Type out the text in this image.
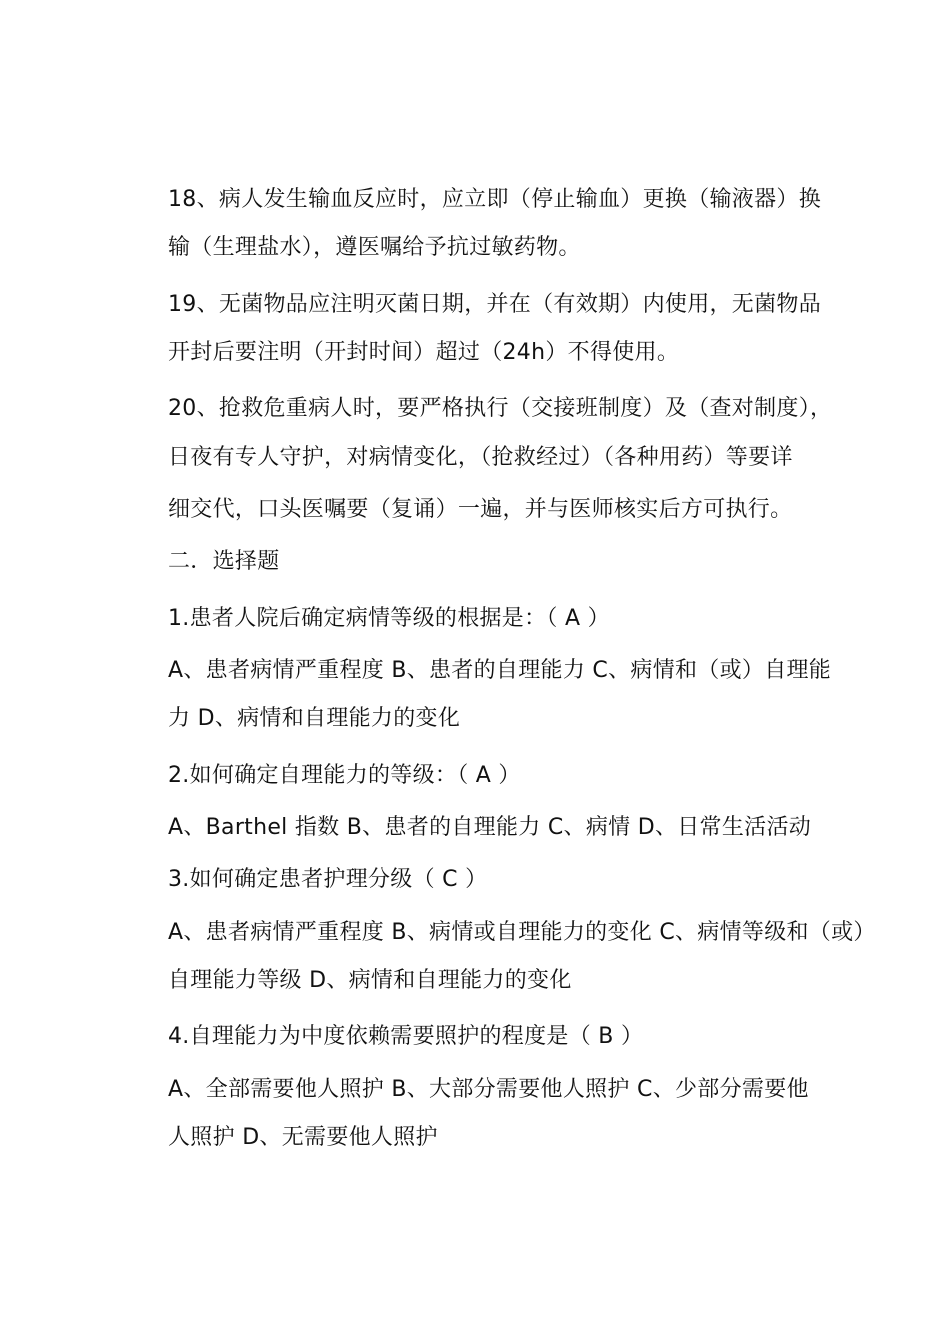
18、病人发生输血反应时，应立即（停止输血）更换（输液器）换
输（生理盐水），遵医嘱给予抗过敏药物。
19、无菌物品应注明灭菌日期，并在（有效期）内使用，无菌物品
开封后要注明（开封时间）超过（24h）不得使用。
20、抢救危重病人时，要严格执行（交接班制度）及（查对制度），
日夜有专人守护，对病情变化，（抢救经过）（各种用药）等要详
细交代，口头医嘱要（复诵）一遍，并与医师核实后方可执行。
二．选择题
1.患者人院后确定病情等级的根据是：（ A ）
A、患者病情严重程度 B、患者的自理能力 C、病情和（或）自理能
力 D、病情和自理能力的变化
2.如何确定自理能力的等级：（ A ）
A、Barthel 指数 B、患者的自理能力 C、病情 D、日常生活活动
3.如何确定患者护理分级（ C ）
A、患者病情严重程度 B、病情或自理能力的变化 C、病情等级和（或）
自理能力等级 D、病情和自理能力的变化
4.自理能力为中度依赖需要照护的程度是（ B ）
A、全部需要他人照护 B、大部分需要他人照护 C、少部分需要他
人照护 D、无需要他人照护
